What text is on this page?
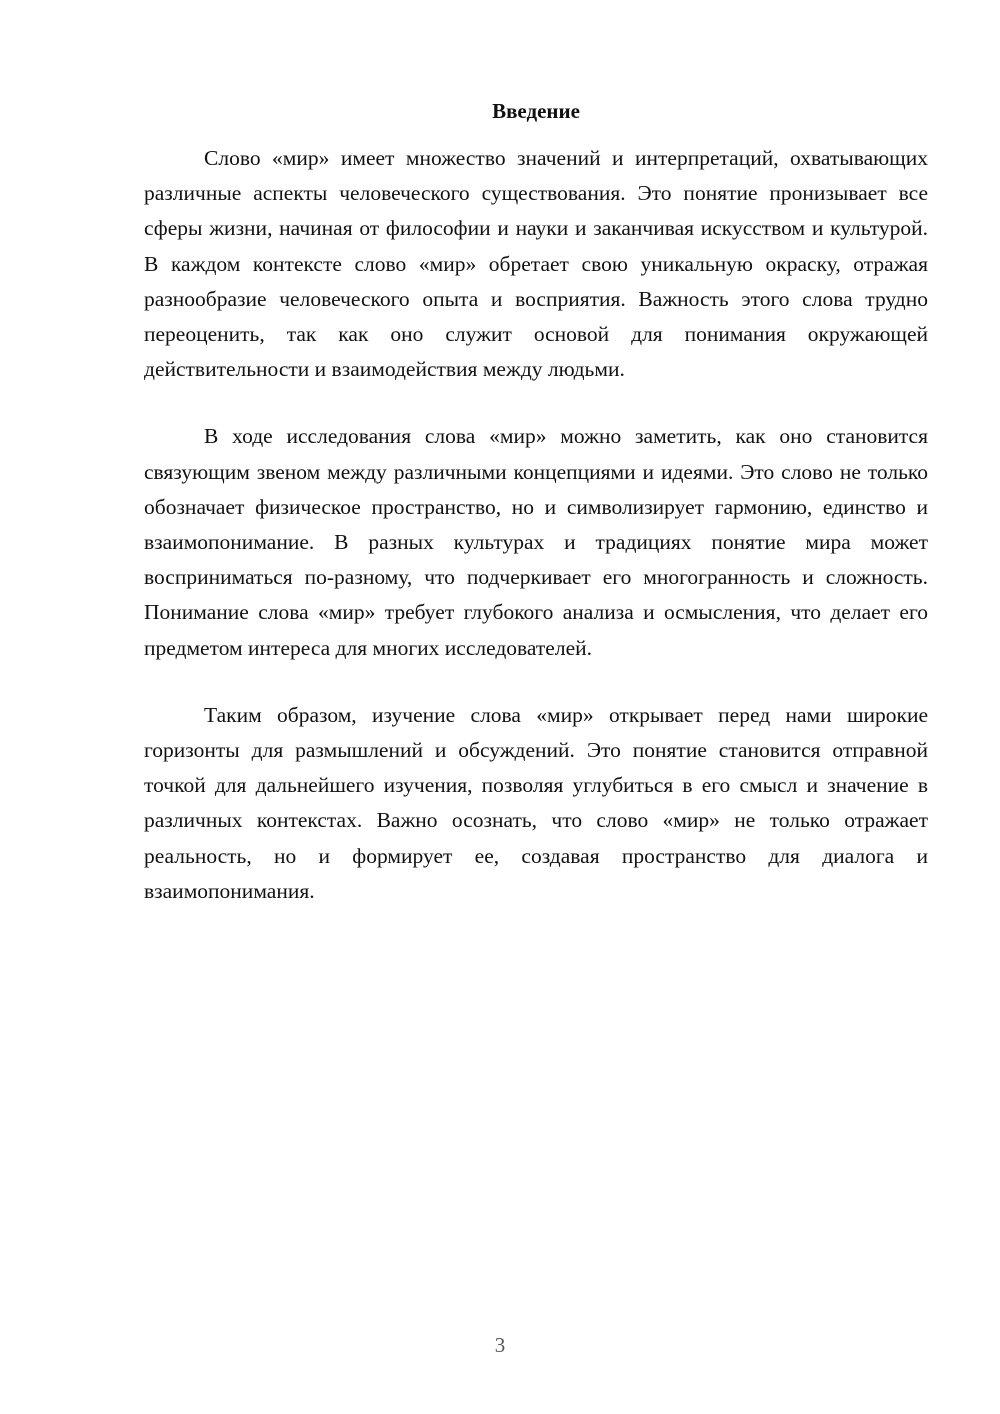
Введение

Слово «мир» имеет множество значений и интерпретаций, охватывающих различные аспекты человеческого существования. Это понятие пронизывает все сферы жизни, начиная от философии и науки и заканчивая искусством и культурой. В каждом контексте слово «мир» обретает свою уникальную окраску, отражая разнообразие человеческого опыта и восприятия. Важность этого слова трудно переоценить, так как оно служит основой для понимания окружающей действительности и взаимодействия между людьми.

В ходе исследования слова «мир» можно заметить, как оно становится связующим звеном между различными концепциями и идеями. Это слово не только обозначает физическое пространство, но и символизирует гармонию, единство и взаимопонимание. В разных культурах и традициях понятие мира может восприниматься по-разному, что подчеркивает его многогранность и сложность. Понимание слова «мир» требует глубокого анализа и осмысления, что делает его предметом интереса для многих исследователей.

Таким образом, изучение слова «мир» открывает перед нами широкие горизонты для размышлений и обсуждений. Это понятие становится отправной точкой для дальнейшего изучения, позволяя углубиться в его смысл и значение в различных контекстах. Важно осознать, что слово «мир» не только отражает реальность, но и формирует ее, создавая пространство для диалога и взаимопонимания.

3
